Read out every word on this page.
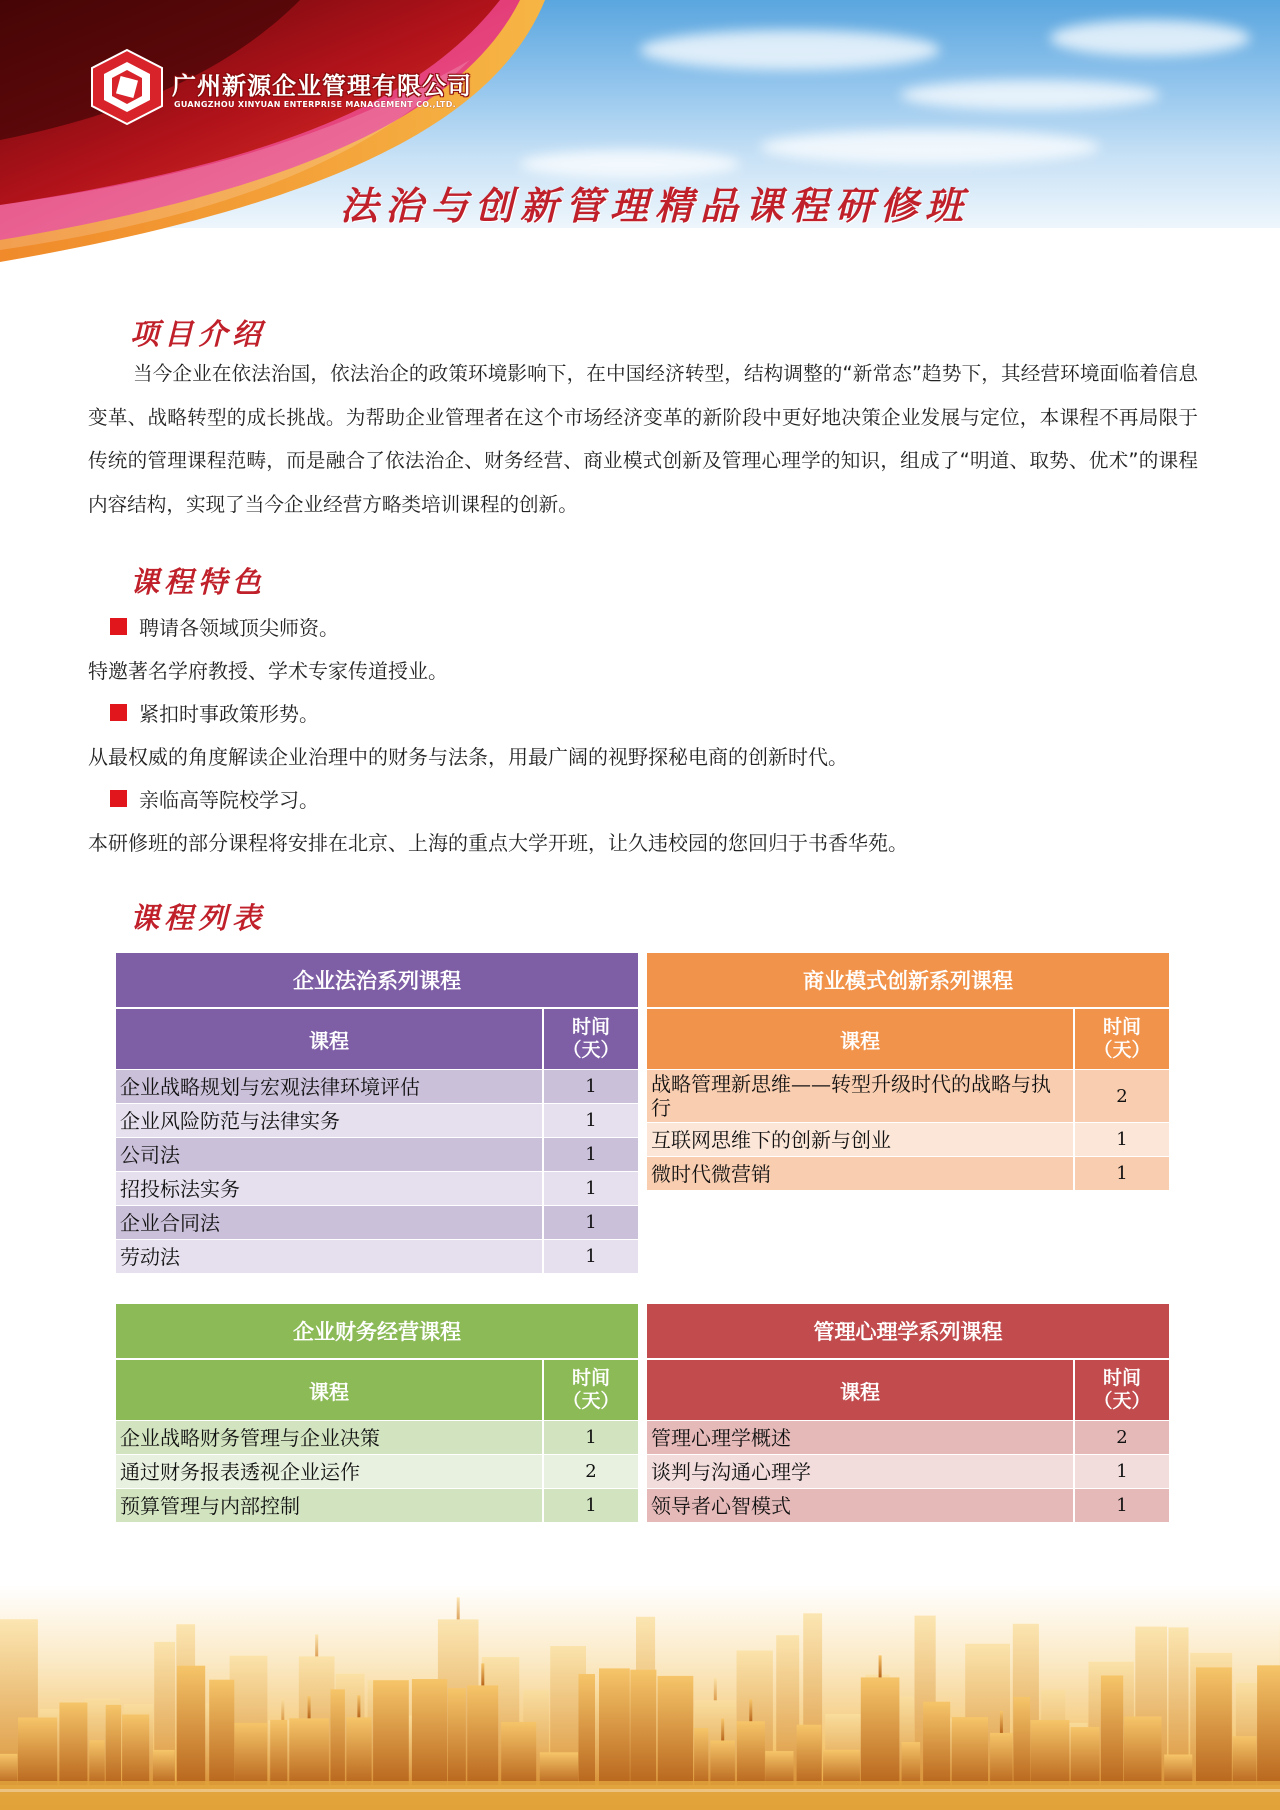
广州新源企业管理有限公司
GUANGZHOU XINYUAN ENTERPRISE MANAGEMENT CO.,LTD.
法治与创新管理精品课程研修班
项目介绍
当今企业在依法治国，依法治企的政策环境影响下，在中国经济转型，结构调整的“新常态”趋势下，其经营环境面临着信息变革、战略转型的成长挑战。为帮助企业管理者在这个市场经济变革的新阶段中更好地决策企业发展与定位，本课程不再局限于传统的管理课程范畴，而是融合了依法治企、财务经营、商业模式创新及管理心理学的知识，组成了“明道、取势、优术”的课程内容结构，实现了当今企业经营方略类培训课程的创新。
课程特色
聘请各领域顶尖师资。
特邀著名学府教授、学术专家传道授业。
紧扣时事政策形势。
从最权威的角度解读企业治理中的财务与法条，用最广阔的视野探秘电商的创新时代。
亲临高等院校学习。
本研修班的部分课程将安排在北京、上海的重点大学开班，让久违校园的您回归于书香华苑。
课程列表
企业法治系列课程
课程
时间
（天）
企业战略规划与宏观法律环境评估	1
企业风险防范与法律实务	1
公司法	1
招投标法实务	1
企业合同法	1
劳动法	1
商业模式创新系列课程
课程
时间
（天）
战略管理新思维——转型升级时代的战略与执行	2
互联网思维下的创新与创业	1
微时代微营销	1
企业财务经营课程
课程
时间
（天）
企业战略财务管理与企业决策	1
通过财务报表透视企业运作	2
预算管理与内部控制	1
管理心理学系列课程
课程
时间
（天）
管理心理学概述	2
谈判与沟通心理学	1
领导者心智模式	1
